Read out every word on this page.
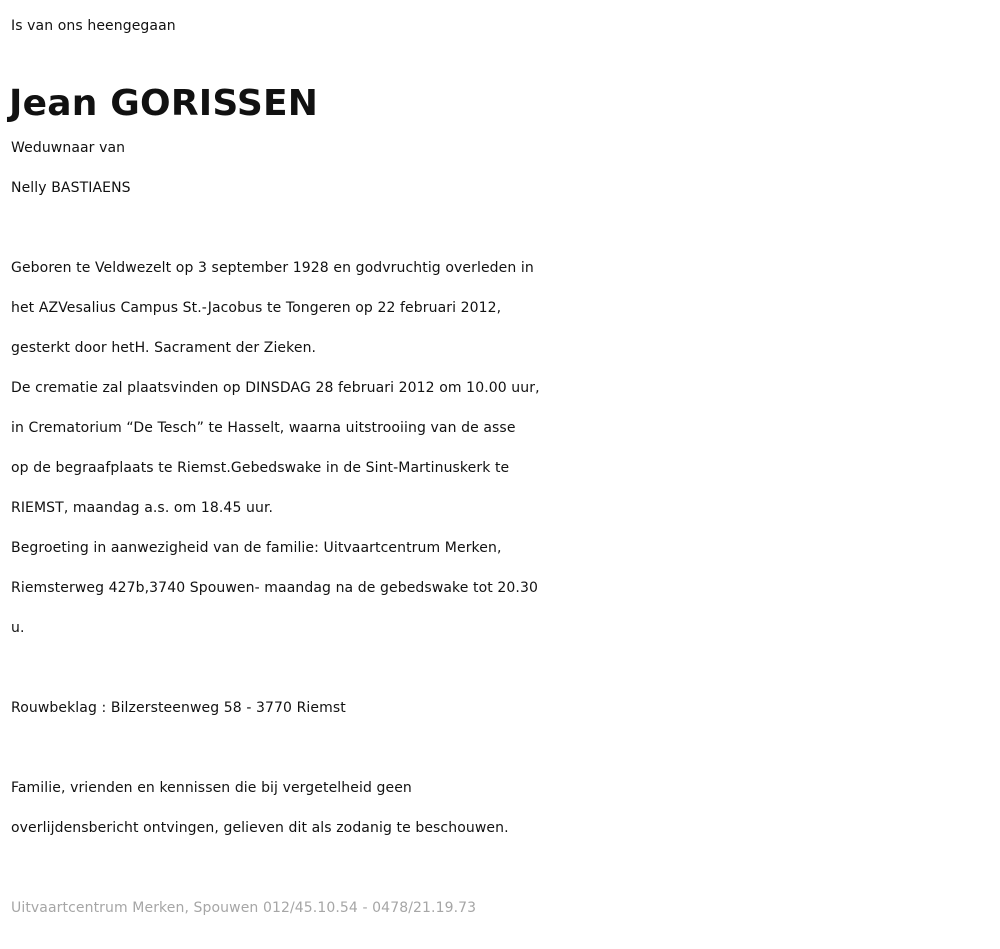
Is van ons heengegaan
Jean GORISSEN
Weduwnaar van
Nelly BASTIAENS
Geboren te Veldwezelt op 3 september 1928 en godvruchtig overleden in
het AZVesalius Campus St.-Jacobus te Tongeren op 22 februari 2012,
gesterkt door hetH. Sacrament der Zieken.
De crematie zal plaatsvinden op DINSDAG 28 februari 2012 om 10.00 uur,
in Crematorium “De Tesch” te Hasselt, waarna uitstrooiing van de asse
op de begraafplaats te Riemst.Gebedswake in de Sint-Martinuskerk te
RIEMST, maandag a.s. om 18.45 uur.
Begroeting in aanwezigheid van de familie: Uitvaartcentrum Merken,
Riemsterweg 427b,3740 Spouwen- maandag na de gebedswake tot 20.30
u.
Rouwbeklag : Bilzersteenweg 58 - 3770 Riemst
Familie, vrienden en kennissen die bij vergetelheid geen
overlijdensbericht ontvingen, gelieven dit als zodanig te beschouwen.
Uitvaartcentrum Merken, Spouwen 012/45.10.54 - 0478/21.19.73
